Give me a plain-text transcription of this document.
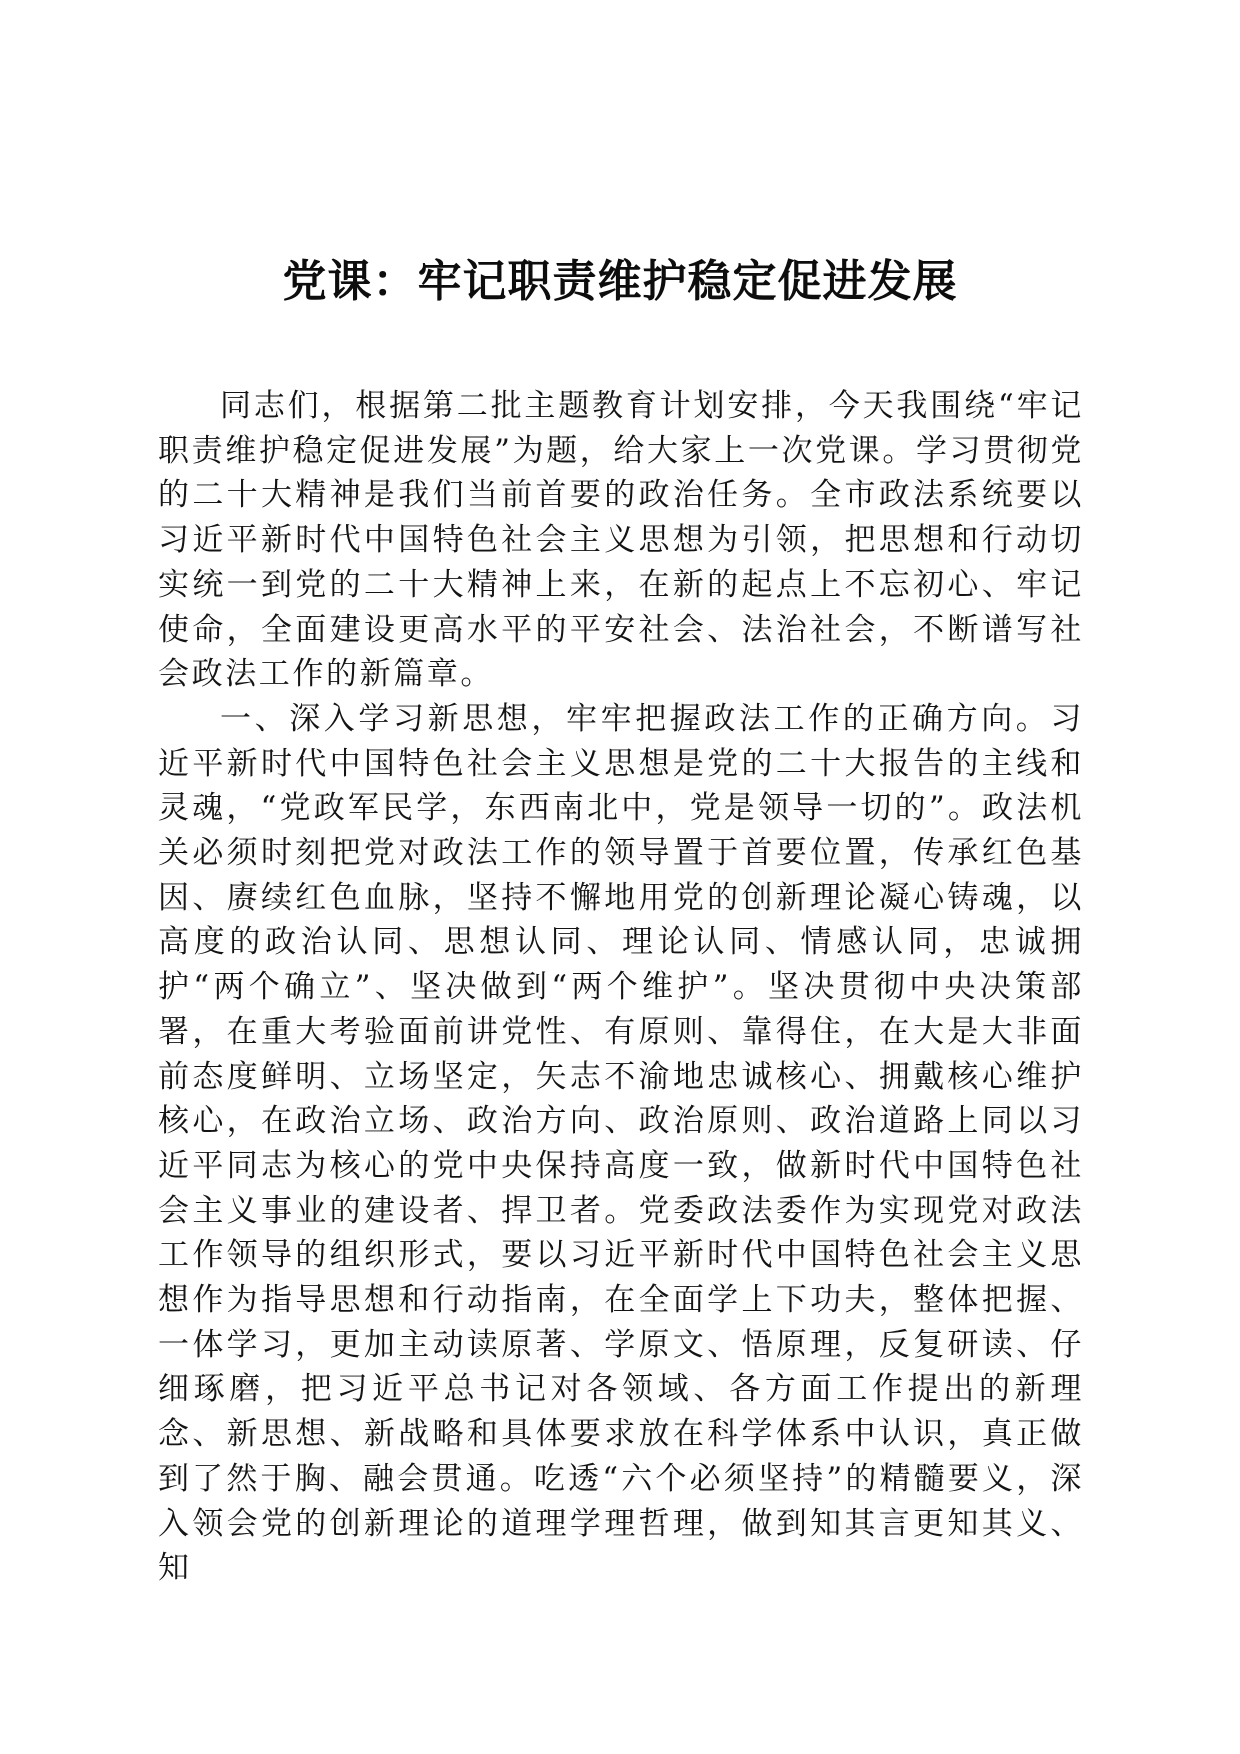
党课：牢记职责维护稳定促进发展

同志们，根据第二批主题教育计划安排，今天我围绕“牢记职责维护稳定促进发展”为题，给大家上一次党课。学习贯彻党的二十大精神是我们当前首要的政治任务。全市政法系统要以习近平新时代中国特色社会主义思想为引领，把思想和行动切实统一到党的二十大精神上来，在新的起点上不忘初心、牢记使命，全面建设更高水平的平安社会、法治社会，不断谱写社会政法工作的新篇章。

一、深入学习新思想，牢牢把握政法工作的正确方向。习近平新时代中国特色社会主义思想是党的二十大报告的主线和灵魂，“党政军民学，东西南北中，党是领导一切的”。政法机关必须时刻把党对政法工作的领导置于首要位置，传承红色基因、赓续红色血脉，坚持不懈地用党的创新理论凝心铸魂，以高度的政治认同、思想认同、理论认同、情感认同，忠诚拥护“两个确立”、坚决做到“两个维护”。坚决贯彻中央决策部署，在重大考验面前讲党性、有原则、靠得住，在大是大非面前态度鲜明、立场坚定，矢志不渝地忠诚核心、拥戴核心维护核心，在政治立场、政治方向、政治原则、政治道路上同以习近平同志为核心的党中央保持高度一致，做新时代中国特色社会主义事业的建设者、捍卫者。党委政法委作为实现党对政法工作领导的组织形式，要以习近平新时代中国特色社会主义思想作为指导思想和行动指南，在全面学上下功夫，整体把握、一体学习，更加主动读原著、学原文、悟原理，反复研读、仔细琢磨，把习近平总书记对各领域、各方面工作提出的新理念、新思想、新战略和具体要求放在科学体系中认识，真正做到了然于胸、融会贯通。吃透“六个必须坚持”的精髓要义，深入领会党的创新理论的道理学理哲理，做到知其言更知其义、知
